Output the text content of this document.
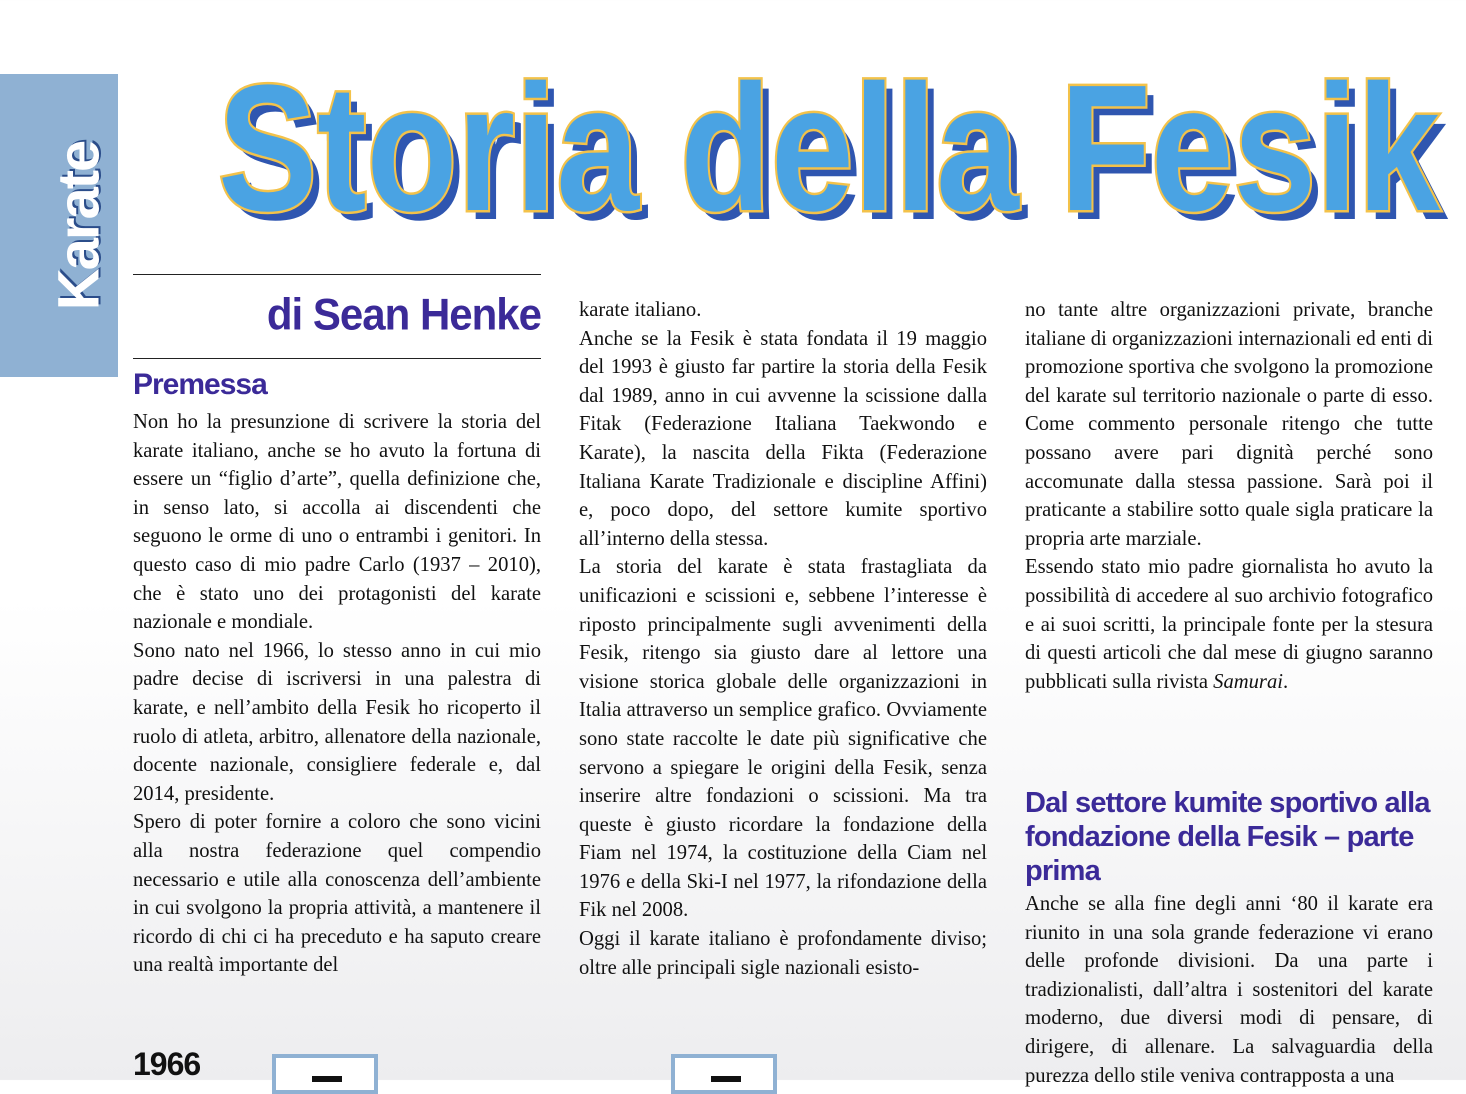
Karate Storia della Fesik
Storia della Fesik
di Sean Henke
Premessa

Non ho la presunzione di scrivere la storia del karate italiano, anche se ho avuto la fortuna di essere un “figlio d’arte”, quella definizione che, in senso lato, si accolla ai discendenti che seguono le orme di uno o entrambi i genitori. In questo caso di mio padre Carlo (1937 – 2010), che è stato uno dei protagonisti del karate nazionale e mondiale.

Sono nato nel 1966, lo stesso anno in cui mio padre decise di iscriversi in una palestra di karate, e nell’ambito della Fesik ho ricoperto il ruolo di atleta, arbitro, allenatore della nazionale, docente nazionale, consigliere federale e, dal 2014, presidente.

Spero di poter fornire a coloro che sono vicini alla nostra federazione quel compendio necessario e utile alla conoscenza dell’ambiente in cui svolgono la propria attività, a mantenere il ricordo di chi ci ha preceduto e ha saputo creare una realtà importante del

karate italiano.

Anche se la Fesik è stata fondata il 19 maggio del 1993 è giusto far partire la storia della Fesik dal 1989, anno in cui avvenne la scissione dalla Fitak (Federazione Italiana Taekwondo e Karate), la nascita della Fikta (Federazione Italiana Karate Tradizionale e discipline Affini) e, poco dopo, del settore kumite sportivo all’interno della stessa.

La storia del karate è stata frastagliata da unificazioni e scissioni e, sebbene l’interesse è riposto principalmente sugli avvenimenti della Fesik, ritengo sia giusto dare al lettore una visione storica globale delle organizzazioni in Italia attraverso un semplice grafico. Ovviamente sono state raccolte le date più significative che servono a spiegare le origini della Fesik, senza inserire altre fondazioni o scissioni. Ma tra queste è giusto ricordare la fondazione della Fiam nel 1974, la costituzione della Ciam nel 1976 e della Ski-I nel 1977, la rifondazione della Fik nel 2008.

Oggi il karate italiano è profondamente diviso; oltre alle principali sigle nazionali esisto-

no tante altre organizzazioni private, branche italiane di organizzazioni internazionali ed enti di promozione sportiva che svolgono la promozione del karate sul territorio nazionale o parte di esso. Come commento personale ritengo che tutte possano avere pari dignità perché sono accomunate dalla stessa passione. Sarà poi il praticante a stabilire sotto quale sigla praticare la propria arte marziale.

Essendo stato mio padre giornalista ho avuto la possibilità di accedere al suo archivio fotografico e ai suoi scritti, la principale fonte per la stesura di questi articoli che dal mese di giugno saranno pubblicati sulla rivista Samurai.

Dal settore kumite sportivo alla fondazione della Fesik – parte prima

Anche se alla fine degli anni ‘80 il karate era riunito in una sola grande federazione vi erano delle profonde divisioni. Da una parte i tradizionalisti, dall’altra i sostenitori del karate moderno, due diversi modi di pensare, di dirigere, di allenare. La salvaguardia della purezza dello stile veniva contrapposta a una

1966
